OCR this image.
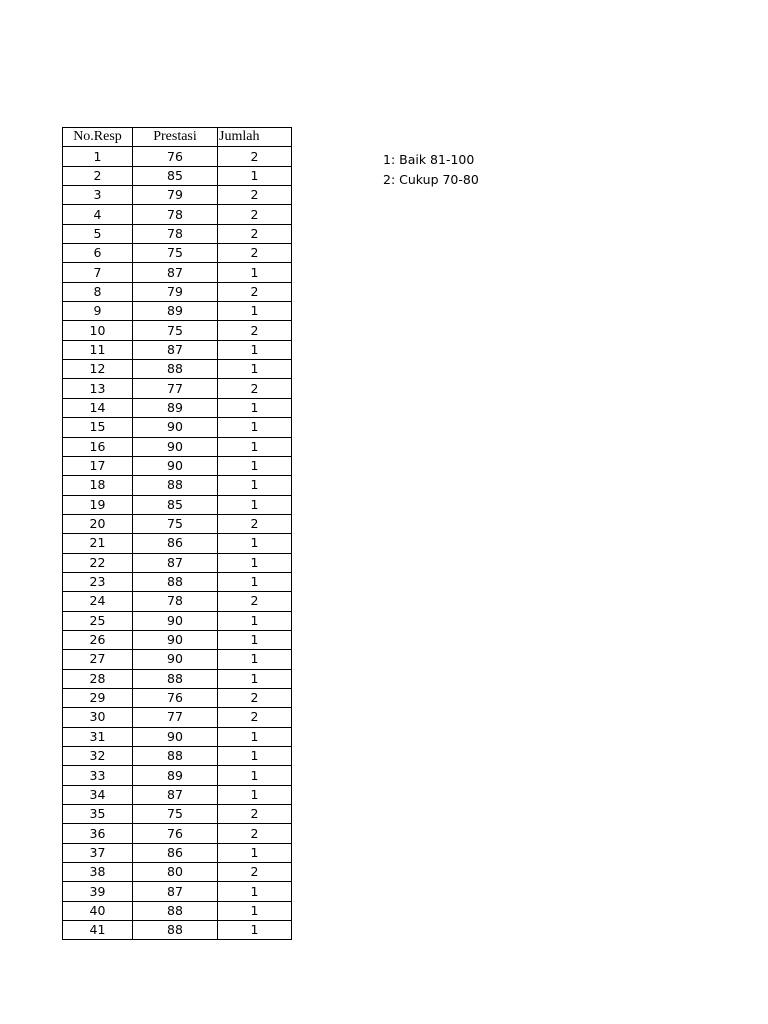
No.Resp	Prestasi	Jumlah
1	76	2
2	85	1
3	79	2
4	78	2
5	78	2
6	75	2
7	87	1
8	79	2
9	89	1
10	75	2
11	87	1
12	88	1
13	77	2
14	89	1
15	90	1
16	90	1
17	90	1
18	88	1
19	85	1
20	75	2
21	86	1
22	87	1
23	88	1
24	78	2
25	90	1
26	90	1
27	90	1
28	88	1
29	76	2
30	77	2
31	90	1
32	88	1
33	89	1
34	87	1
35	75	2
36	76	2
37	86	1
38	80	2
39	87	1
40	88	1
41	88	1
1: Baik 81-100
2: Cukup 70-80
